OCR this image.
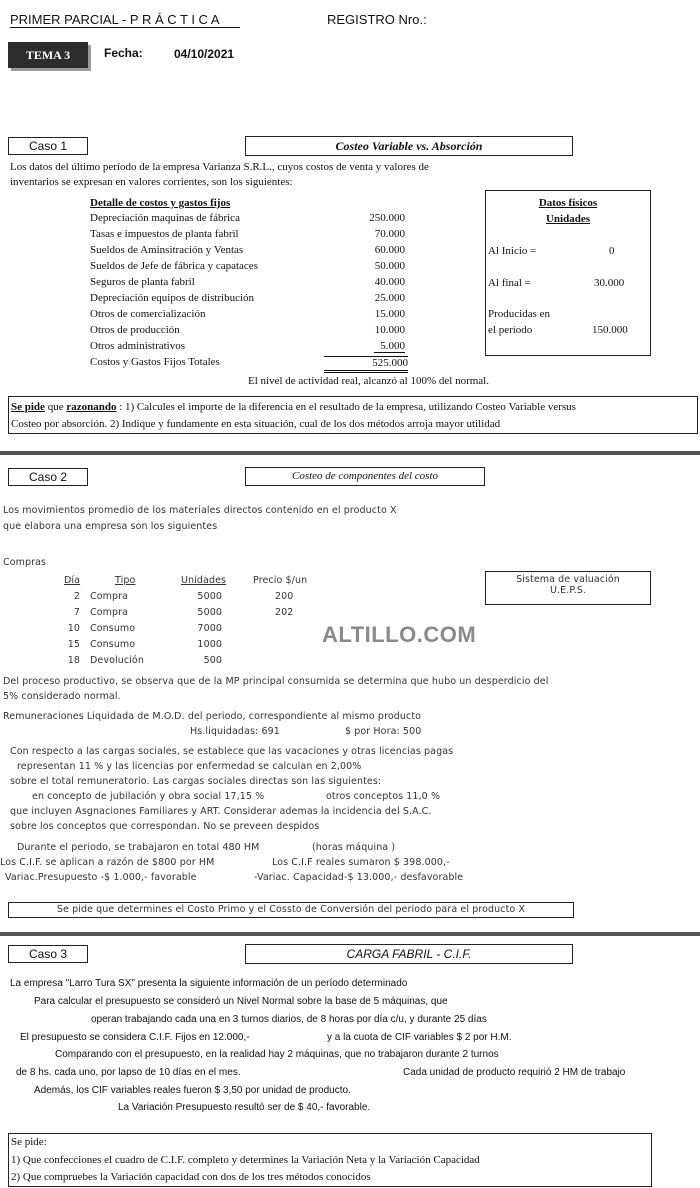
PRIMER PARCIAL - P R Á C T I C A	REGISTRO Nro.:
TEMA 3	Fecha:	04/10/2021
Caso 1	Costeo Variable vs. Absorción
Los datos del último período de la empresa Varianza S.R.L., cuyos costos de venta y valores de
inventarios se expresan en valores corrientes, son los siguientes:
Detalle de costos y gastos fijos
Depreciación maquinas de fábrica	250.000
Tasas e impuestos de planta fabril	70.000
Sueldos de Aminsitración y Ventas	60.000
Sueldos de Jefe de fábrica y capataces	50.000
Seguros de planta fabril	40.000
Depreciación equipos de distribución	25.000
Otros de comercialización	15.000
Otros de producción	10.000
Otros administrativos	5.000
Costos y Gastos Fijos Totales	525.000
Datos físicos
Unidades
Al Inicio =	0
Al final =	30.000
Producidas en
el período	150.000
El nivel de actividad real, alcanzó al 100% del normal.
Se pide que razonando : 1) Calcules el importe de la diferencia en el resultado de la empresa, utilizando Costeo Variable versus
Costeo por absorción. 2) Indique y fundamente en esta situación, cual de los dos métodos arroja mayor utilidad
Caso 2	Costeo de componentes del costo
Los movimientos promedio de los materiales directos contenido en el producto X
que elabora una empresa son los siguientes
Compras
Día	Tipo	Unidades	Precio $/un
2 Compra	5000	200
7 Compra	5000	202
10 Consumo	7000
15 Consumo	1000
18 Devolución	500
Sistema de valuación
U.E.P.S.
ALTILLO.COM
Del proceso productivo, se observa que de la MP principal consumida se determina que hubo un desperdicio del
5% considerado normal.
Remuneraciones Liquidada de M.O.D. del periodo, correspondiente al mismo producto
Hs.liquidadas: 691	$ por Hora: 500
Con respecto a las cargas sociales, se establece que las vacaciones y otras licencias pagas
representan 11 % y las licencias por enfermedad se calculan en 2,00%
sobre el total remuneratorio. Las cargas sociales directas son las siguientes:
en concepto de jubilación y obra social 17,15 %	otros conceptos 11,0 %
que incluyen Asgnaciones Familiares y ART. Considerar ademas la incidencia del S.A.C.
sobre los conceptos que correspondan. No se preveen despidos
Durante el periodo, se trabajaron en total 480 HM	(horas máquina )
Los C.I.F. se aplican a razón de $800 por HM	Los C.I.F reales sumaron $ 398.000,-
Variac.Presupuesto -$ 1.000,- favorable	-Variac. Capacidad-$ 13.000,- desfavorable
Se pide que determines el Costo Primo y el Cossto de Conversión del periodo para el producto X
Caso 3	CARGA FABRIL - C.I.F.
La empresa "Larro Tura SX" presenta la siguiente información de un período determinado
Para calcular el presupuesto se consideró un Nivel Normal sobre la base de 5 máquinas, que
operan trabajando cada una en 3 turnos diarios, de 8 horas por día c/u, y durante 25 días
El presupuesto se considera C.I.F. Fijos en 12.000,-	y a la cuota de CIF variables $ 2 por H.M.
Comparando con el presupuesto, en la realidad hay 2 máquinas, que no trabajaron durante 2 turnos
de 8 hs. cada uno, por lapso de 10 días en el mes.	Cada unidad de producto requirió 2 HM de trabajo
Además, los CIF variables reales fueron $ 3,50 por unidad de producto.
La Variación Presupuesto resultó ser de $ 40,- favorable.
Se pide:
1) Que confecciones el cuadro de C.I.F. completo y determines la Variación Neta y la Variación Capacidad
2) Que compruebes la Variación capacidad con dos de los tres métodos conocidos
